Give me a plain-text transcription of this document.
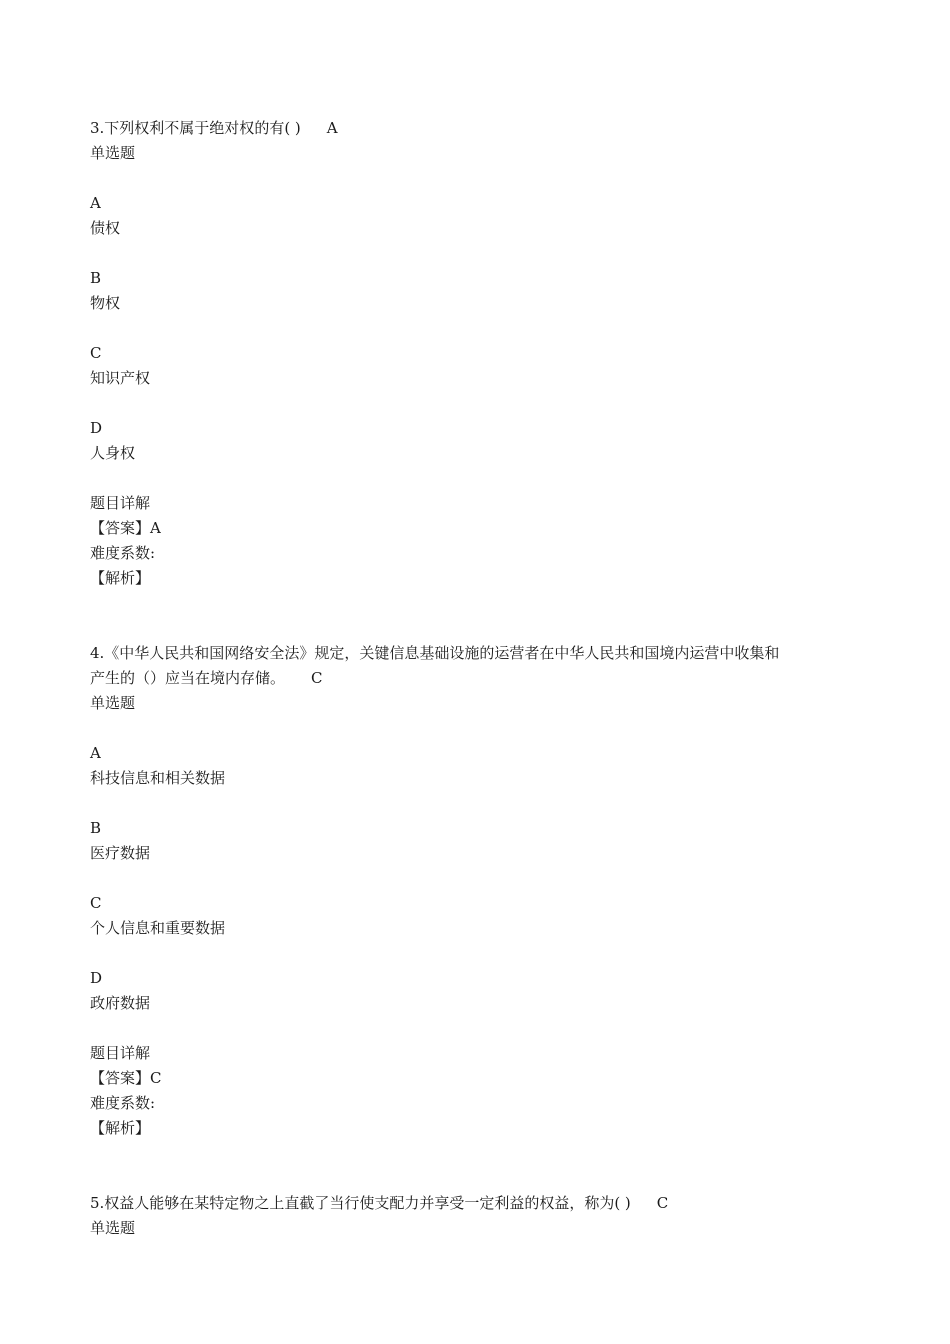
3.下列权利不属于绝对权的有( ) A
单选题
A
债权
B
物权
C
知识产权
D
人身权
题目详解
【答案】A
难度系数:
【解析】
4.《中华人民共和国网络安全法》规定，关键信息基础设施的运营者在中华人民共和国境内运营中收集和
产生的（）应当在境内存储。 C
单选题
A
科技信息和相关数据
B
医疗数据
C
个人信息和重要数据
D
政府数据
题目详解
【答案】C
难度系数:
【解析】
5.权益人能够在某特定物之上直截了当行使支配力并享受一定利益的权益，称为( ) C
单选题
